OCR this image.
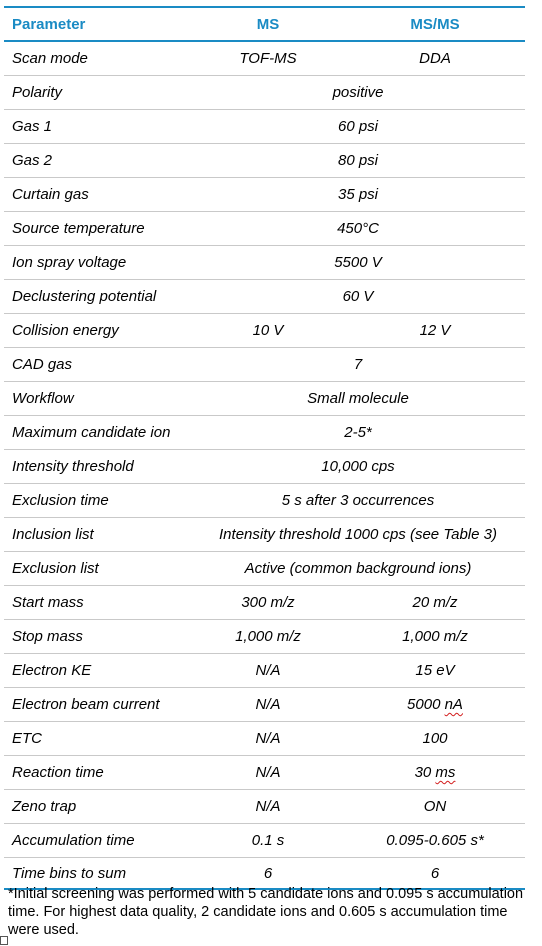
Parameter	MS	MS/MS
Scan mode	TOF-MS	DDA
Polarity	positive
Gas 1	60 psi
Gas 2	80 psi
Curtain gas	35 psi
Source temperature	450°C
Ion spray voltage	5500 V
Declustering potential	60 V
Collision energy	10 V	12 V
CAD gas	7
Workflow	Small molecule
Maximum candidate ion	2-5*
Intensity threshold	10,000 cps
Exclusion time	5 s after 3 occurrences
Inclusion list	Intensity threshold 1000 cps (see Table 3)
Exclusion list	Active (common background ions)
Start mass	300 m/z	20 m/z
Stop mass	1,000 m/z	1,000 m/z
Electron KE	N/A	15 eV
Electron beam current	N/A	5000 nA
ETC	N/A	100
Reaction time	N/A	30 ms
Zeno trap	N/A	ON
Accumulation time	0.1 s	0.095-0.605 s*
Time bins to sum	6	6
*Initial screening was performed with 5 candidate ions and 0.095 s accumulation time. For highest data quality, 2 candidate ions and 0.605 s accumulation time were used.
